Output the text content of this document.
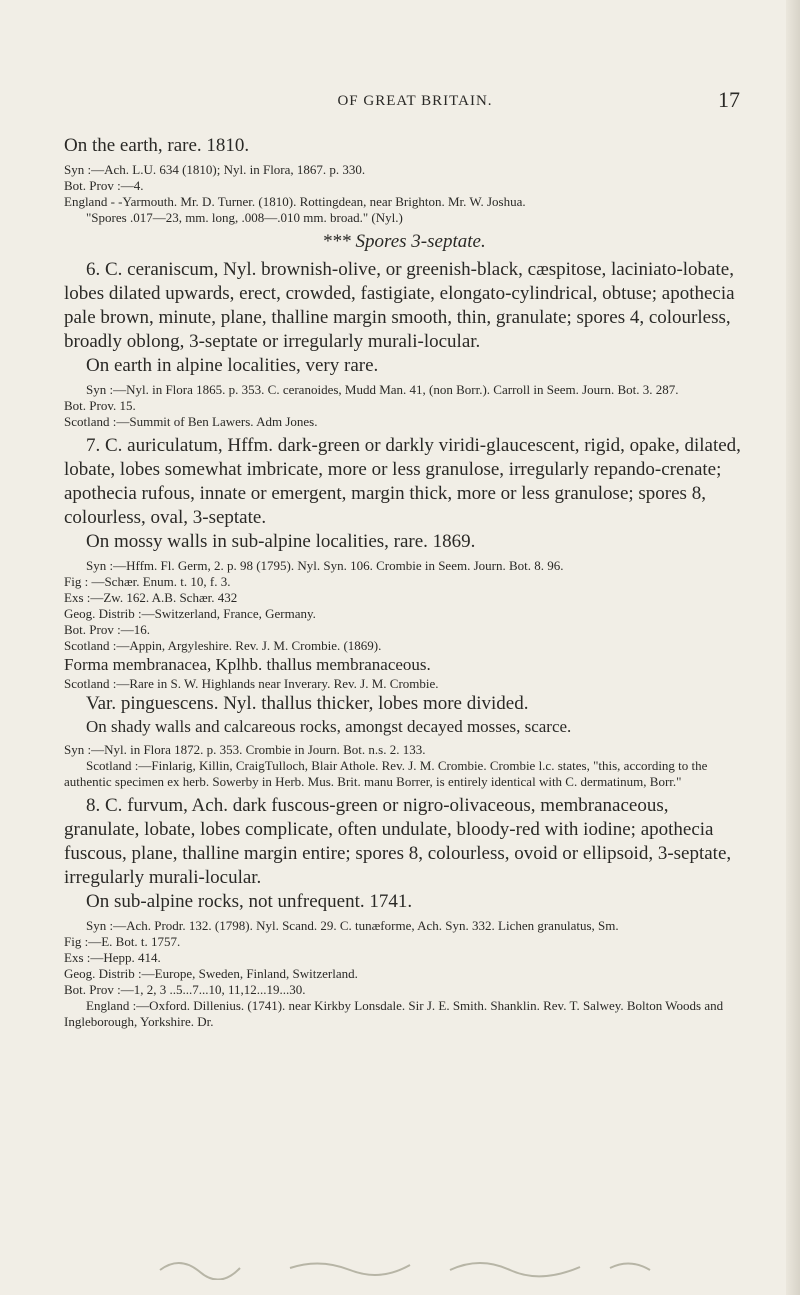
OF GREAT BRITAIN.	17

On the earth, rare. 1810.

Syn :—Ach. L.U. 634 (1810); Nyl. in Flora, 1867. p. 330.

Bot. Prov :—4.

England - -Yarmouth. Mr. D. Turner. (1810). Rottingdean, near Brighton. Mr. W. Joshua.

"Spores .017—23, mm. long, .008—.010 mm. broad." (Nyl.)

*** Spores 3-septate.

6. C. ceraniscum, Nyl. brownish-olive, or greenish-black, cæspitose, laciniato-lobate, lobes dilated upwards, erect, crowded, fastigiate, elongato-cylindrical, obtuse; apothecia pale brown, minute, plane, thalline margin smooth, thin, granulate; spores 4, colourless, broadly oblong, 3-septate or irregularly murali-locular.

On earth in alpine localities, very rare.

Syn :—Nyl. in Flora 1865. p. 353. C. ceranoides, Mudd Man. 41, (non Borr.). Carroll in Seem. Journ. Bot. 3. 287.

Bot. Prov. 15.

Scotland :—Summit of Ben Lawers. Adm Jones.

7. C. auriculatum, Hffm. dark-green or darkly viridi-glaucescent, rigid, opake, dilated, lobate, lobes somewhat imbricate, more or less granulose, irregularly repando-crenate; apothecia rufous, innate or emergent, margin thick, more or less granulose; spores 8, colourless, oval, 3-septate.

On mossy walls in sub-alpine localities, rare. 1869.

Syn :—Hffm. Fl. Germ, 2. p. 98 (1795). Nyl. Syn. 106. Crombie in Seem. Journ. Bot. 8. 96.

Fig : —Schær. Enum. t. 10, f. 3.

Exs :—Zw. 162. A.B. Schær. 432

Geog. Distrib :—Switzerland, France, Germany.

Bot. Prov :—16.

Scotland :—Appin, Argyleshire. Rev. J. M. Crombie. (1869).

Forma membranacea, Kplhb. thallus membranaceous.

Scotland :—Rare in S. W. Highlands near Inverary. Rev. J. M. Crombie.

Var. pinguescens. Nyl. thallus thicker, lobes more divided.

On shady walls and calcareous rocks, amongst decayed mosses, scarce.

Syn :—Nyl. in Flora 1872. p. 353. Crombie in Journ. Bot. n.s. 2. 133.

Scotland :—Finlarig, Killin, CraigTulloch, Blair Athole. Rev. J. M. Crombie. Crombie l.c. states, "this, according to the authentic specimen ex herb. Sowerby in Herb. Mus. Brit. manu Borrer, is entirely identical with C. dermatinum, Borr."

8. C. furvum, Ach. dark fuscous-green or nigro-olivaceous, membranaceous, granulate, lobate, lobes complicate, often undulate, bloody-red with iodine; apothecia fuscous, plane, thalline margin entire; spores 8, colourless, ovoid or ellipsoid, 3-septate, irregularly murali-locular.

On sub-alpine rocks, not unfrequent. 1741.

Syn :—Ach. Prodr. 132. (1798). Nyl. Scand. 29. C. tunæforme, Ach. Syn. 332. Lichen granulatus, Sm.

Fig :—E. Bot. t. 1757.

Exs :—Hepp. 414.

Geog. Distrib :—Europe, Sweden, Finland, Switzerland.

Bot. Prov :—1, 2, 3 ..5...7...10, 11,12...19...30.

England :—Oxford. Dillenius. (1741). near Kirkby Lonsdale. Sir J. E. Smith. Shanklin. Rev. T. Salwey. Bolton Woods and Ingleborough, Yorkshire. Dr.
